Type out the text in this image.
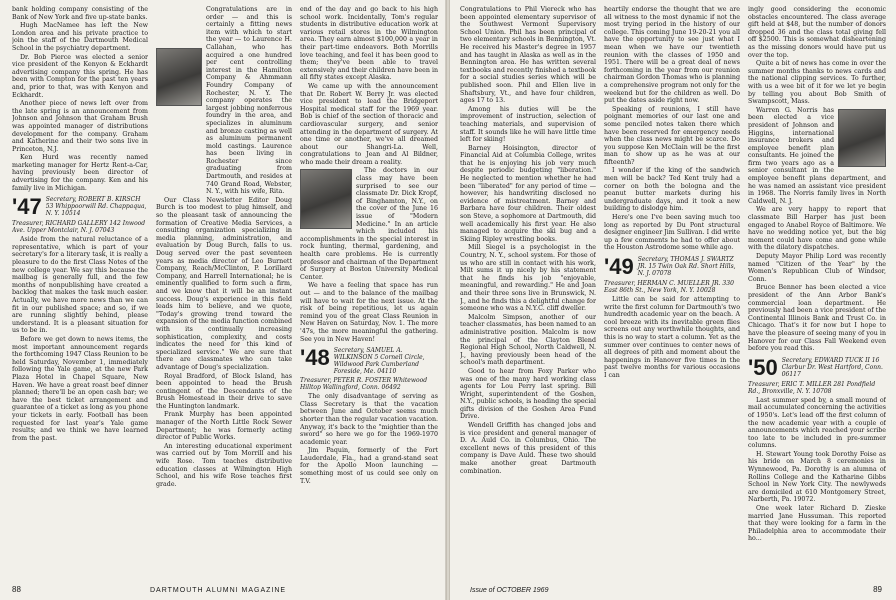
bank holding company consisting of the Bank of New York and five up-state banks.

Hugh MacNamee has left the New London area and his private practice to join the staff of the Dartmouth Medical School in the psychiatry department.

Dr. Bob Pierce was elected a senior vice president of the Kenyon & Eckhardt advertising company this spring. He has been with Compton for the past ten years and, prior to that, was with Kenyon and Eckhardt.

Another piece of news left over from the late spring is an announcement from Johnson and Johnson that Graham Brush was appointed manager of distributions development for the company. Graham and Katherine and their two sons live in Princeton, N.J.

Ken Hurd was recently named marketing manager for Hertz Rent-a-Car, having previously been director of advertising for the company. Ken and his family live in Michigan.

'47 Secretary, ROBERT B. KIRSCH 53 Whippoorwill Rd. Chappaqua, N. Y. 10514
Treasurer, RICHARD GALLERY 142 Inwood Ave. Upper Montclair, N. J. 07043

Aside from the natural reluctance of a representative, which is part of your secretary's for a literary task, it is really a pleasure to do the first Class Notes of the new college year. We say this because the mailbag is generally full, and the few months of nonpublishing have created a backlog that makes the task much easier. Actually, we have more news than we can fit in our published space; and so, if we are running slightly behind, please understand. It is a pleasant situation for us to be in.

Before we get down to news items, the most important announcement regards the forthcoming 1947 Class Reunion to be held Saturday, November 1, immediately following the Yale game, at the new Park Plaza Hotel in Chapel Square, New Haven. We have a great roast beef dinner planned; there'll be an open cash bar; we have the best ticket arrangement and guarantee of a ticket as long as you phone your tickets in early. Football has been requested for last year's Yale game results; and we think we have learned from the past.

Congratulations are in order — and this is certainly a fitting news item with which to start the year — to Laurence H. Callahan, who has acquired a one hundred per cent controlling interest in the Hamilton Company & Ahmmann Foundry Company of Rochester, N. Y. The company operates the largest jobbing nonferrous foundry in the area, and specializes in aluminum and bronze casting as well as aluminum permanent mold castings. Laurence has been living in Rochester since graduating from Dartmouth, and resides at 740 Grand Road, Webster, N. Y., with his wife, Rita.

Our Class Newsletter Editor Doug Burch is too modest to plug himself, and so the pleasant task of announcing the formation of Creative Media Services, a consulting organization specializing in media planning, administration, and evaluation by Doug Burch, falls to us. Doug served over the past seventeen years as media director of Leo Burnett Company, Reach/McClinton, P. Lorillard Company, and Harrell International; he is eminently qualified to form such a firm, and we know that it will be an instant success. Doug's experience in this field leads him to believe, and we quote, "Today's growing trend toward the expansion of the media function combined with its continually increasing sophistication, complexity, and costs indicates the need for this kind of specialized service." We are sure that there are classmates who can take advantage of Doug's specialization.

Royal Bradford, of Block Island, has been appointed to head the Brush contingent of the Descendants of the Brush Homestead in their drive to save the Huntington landmark.

Frank Murphy has been appointed manager of the North Little Rock Sewer Department; he was formerly acting director of Public Works.

An interesting educational experiment was carried out by Tom Morrill and his wife Rose. Tom teaches distributive education classes at Wilmington High School, and his wife Rose teaches first grade.

end of the day and go back to his high school work. Incidentally, Tom's regular students in distributive education work at various retail stores in the Wilmington area. They earn almost $100,000 a year in their part-time endeavors. Both Morrills love teaching, and feel it has been good to them; they've been able to travel extensively and their children have been in all fifty states except Alaska.

We came up with the announcement that Dr. Robert W. Berry Jr. was elected vice president to lead the Bridgeport Hospital medical staff for the 1969 year. Bob is chief of the section of thoracic and cardiovascular surgery, and senior attending in the department of surgery. At one time or another, we've all dreamed about our Shangri-La. Well, congratulations to Jean and Al Bildner, who made their dream a reality.

The doctors in our class may have been surprised to see our classmate Dr. Dick Kropf, of Binghamton, N.Y., on the cover of the June 16 issue of "Modern Medicine." In an article which included his accomplishments in the special interest in rock hunting, thermal, gardening, and health care problems. He is currently professor and chairman of the Department of Surgery at Boston University Medical Center.

We have a feeling that space has run out — and to the balance of the mailbag will have to wait for the next issue. At the risk of being repetitious, let us again remind you of the great Class Reunion in New Haven on Saturday, Nov. 1. The more '47s, the more meaningful the gathering. See you in New Haven!

'48 Secretary, SAMUEL A. WILKINSON 5 Cornell Circle, Wildwood Park Cumberland Foreside, Me. 04110
Treasurer, PETER R. FOSTER Whitewood Hilltop Wallingford, Conn. 06492

The only disadvantage of serving as Class Secretary is that the vacation between June and October seems much shorter than the regular vacation vacation. Anyway, it's back to the "mightier than the sword" so here we go for the 1969-1970 academic year.

Jim Paquin, formerly of the Fort Lauderdale, Fla., had a grand-stand seat for the Apollo Moon launching — something most of us could see only on T.V.

88	DARTMOUTH ALUMNI MAGAZINE

Congratulations to Phil Viereck who has been appointed elementary supervisor of the Southwest Vermont Supervisory School Union. Phil has been principal of two elementary schools in Bennington, Vt. He received his Master's degree in 1957 and has taught in Alaska as well as in the Bennington area. He has written several textbooks and recently finished a textbook for a social studies series which will be published soon. Phil and Ellen live in Shaftsbury, Vt., and have four children, ages 17 to 13.

Among his duties will be the improvement of instruction, selection of teaching materials, and supervision of staff. It sounds like he will have little time left for skiing!

Barney Hoisington, director of Financial Aid at Columbia College, writes that he is enjoying his job very much despite periodic budgeting "liberation." He neglected to mention whether he had been "liberated" for any period of time — however, his handwriting disclosed no evidence of mistreatment. Barney and Barbara have four children. Their oldest son Steve, a sophomore at Dartmouth, did well academically his first year. He also managed to acquire the ski bug and a Skiing Ripley wrestling books.

Mill Siegel is a psychologist in the Country, N. Y., school system. For those of us who are still in contact with his work, Milt sums it up nicely by his statement that he finds his job "enjoyable, meaningful, and rewarding." He and Joan and their three sons live in Brunswick, N. J., and he finds this a delightful change for someone who was a N.Y.C. cliff dweller.

Malcolm Simpson, another of our teacher classmates, has been named to an administrative position. Malcolm is now the principal of the Clayton Blend Regional High School, North Caldwell, N. J., having previously been head of the school's math department.

Good to hear from Foxy Parker who was one of the many hard working class agents for Lou Perry last spring. Bill Wright, superintendent of the Goshen, N.Y., public schools, is heading the special gifts division of the Goshen Area Fund Drive.

Wendell Griffith has changed jobs and is vice president and general manager of D. A. Auld Co. in Columbus, Ohio. The excellent news of this president of this company is Dave Auld. These two should make another great Dartmouth combination.

heartily endorse the thought that we are all witness to the most dynamic if not the most trying period in the history of our college. This coming June 19-20-21 you all have the opportunity to see just what I mean when we have our twentieth reunion with the classes of 1950 and 1951. There will be a great deal of news forthcoming in the year from our reunion chairman Gordon Thomas who is planning a comprehensive program not only for the weekend but for the children as well. Do put the dates aside right now.

Speaking of reunions, I still have poignant memories of our last one and some penciled notes taken there which have been reserved for emergency needs when the class news might be scarce. Do you suppose Ken McClain will be the first man to show up as he was at our fifteenth?

I wonder if the king of the sandwich men will be back? Ted Kent truly had a corner on both the bologna and the peanut butter markets during his undergraduate days, and it took a new building to dislodge him.

Here's one I've been saving much too long as reported by Du Pont structural designer engineer Jim Sullivan. I did write up a few comments he had to offer about the Houston Astrodome some while ago.

'49 Secretary, THOMAS J. SWARTZ JR. 15 Twin Oak Rd. Short Hills, N. J. 07078
Treasurer, HERMAN C. MUELLER JR. 330 East 86th St., New York, N. Y. 10028

Little can be said for attempting to write the first column for Dartmouth's two hundredth academic year on the beach. A cool breeze with its inevitable green flies screens out any worthwhile thoughts, and this is no way to start a column. Yet as the summer over continues to center news of all degrees of pith and moment about the happenings in Hanover five times in the past twelve months for various occasions I can

ingly good considering the economic obstacles encountered. The class average gift held at $48, but the number of donors dropped 36 and the class total giving fell off $2500. This is somewhat disheartening as the missing donors would have put us over the top.

Quite a bit of news has come in over the summer months thanks to news cards and the national clipping services. To further, with us a wee bit of it for we let ye begin by telling you about Bob Smith of Swampscott, Mass.

Warren G. Norris has been elected a vice president of Johnson and Higgins, international insurance brokers and employee benefit plan consultants. He joined the firm two years ago as a senior consultant in the employee benefit plans department, and he was named an assistant vice president in 1968. The Norris family lives in North Caldwell, N. J.

We are very happy to report that classmate Bill Harper has just been engaged to Anabel Royce of Baltimore. We have no wedding notice yet, but the big moment could have come and gone while with the dilatory dispatches.

Deputy Mayor Philip Lord was recently named "Citizen of the Year" by the Women's Republican Club of Windsor, Conn.

Bruce Benner has been elected a vice president of the Ann Arbor Bank's commercial loan department. He previously had been a vice president of the Continental Illinois Bank and Trust Co. in Chicago. That's it for now but I hope to have the pleasure of seeing many of you in Hanover for our Class Fall Weekend even before you read this.

'50 Secretary, EDWARD TUCK II 16 Clarbur Dr. West Hartford, Conn. 06117
Treasurer, ERIC T. MILLER 281 Pondfield Rd., Bronxville, N. Y. 10708

Last summer sped by, a small mound of mail accumulated concerning the activities of 1950's. Let's lead off the first column of the new academic year with a couple of announcements which reached your scribe too late to be included in pre-summer columns.

H. Stewart Young took Dorothy Foise as his bride on March 8 ceremonies in Wynnewood, Pa. Dorothy is an alumna of Rollins College and the Katharine Gibbs School in New York City. The newlyweds are domiciled at 610 Montgomery Street, Narberth, Pa. 19072.

One week later Richard D. Zieske married Jane Hussuman. This reported that they were looking for a farm in the Philadelphia area to accommodate their ho...

Issue of OCTOBER 1969	89
